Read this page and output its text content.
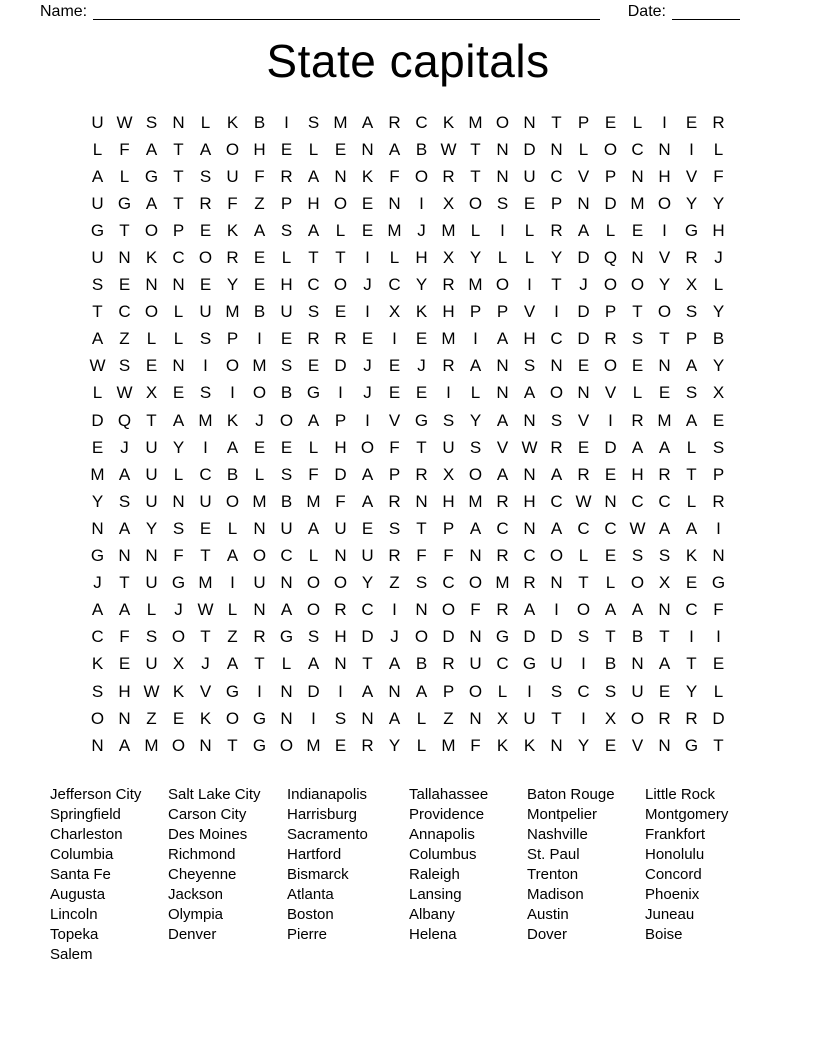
Name:	Date:
State capitals
U W S N L K B	I	S M A R C K M O N T P E L	I	E R
L	F A T A O H E L E N A B W T N D N L O C N	I	L
A L G T S U F R A N K F O R T N U C V P N H V F
U G A T R F Z P H O E N	I	X O S E P N D M O Y Y
G T O P E K A S A L E M J M L	I	L R A L E	I	G H
U N K C O R E L	T T	I	L H X Y L	L Y D Q N V R J
S E N N E Y E H C O J C Y R M O	I	T	J O O Y X L
T C O L U M B U S E	I	X K H P P V	I	D P T O S Y
A Z	L	L S P	I	E R R E	I	E M	I	A H C D R S T P B
W S E N	I	O M S E D J	E	J R A N S N E O E N A Y
L W X E S	I	O B G	I	J	E E	I	L N A O N V L E S X
D Q T A M K	J O A P	I	V G S Y A N S V	I	R M A E
E	J U Y	I	A E E L H O F T U S V W R E D A A L S
M A U L C B L S F D A P R X O A N A R E H R T P
Y S U N U O M B M F A R N H M R H C W N C C L R
N A Y S E L N U A U E S T P A C N A C C W A A	I
G N N F T A O C L N U R F F N R C O L E S S K N
J	T U G M	I	U N O O Y Z S C O M R N T	L O X E G
A A L	J W L N A O R C	I	N O F R A	I	O A A N C F
C F S O T Z R G S H D J O D N G D D S T B T	I	I
K E U X	J	A T	L A N T A B R U C G U	I	B N A T E
S H W K V G	I	N D	I	A N A P O L	I	S C S U E Y L
O N Z E K O G N	I	S N A L	Z N X U T	I	X O R R D
N A M O N T G O M E R Y L M F K K N Y E V N G T
Jefferson City
Springfield
Charleston
Columbia
Santa Fe
Augusta
Lincoln
Topeka
Salem
Salt Lake City
Carson City
Des Moines
Richmond
Cheyenne
Jackson
Olympia
Denver
Indianapolis
Harrisburg
Sacramento
Hartford
Bismarck
Atlanta
Boston
Pierre
Tallahassee
Providence
Annapolis
Columbus
Raleigh
Lansing
Albany
Helena
Baton Rouge
Montpelier
Nashville
St. Paul
Trenton
Madison
Austin
Dover
Little Rock
Montgomery
Frankfort
Honolulu
Concord
Phoenix
Juneau
Boise
